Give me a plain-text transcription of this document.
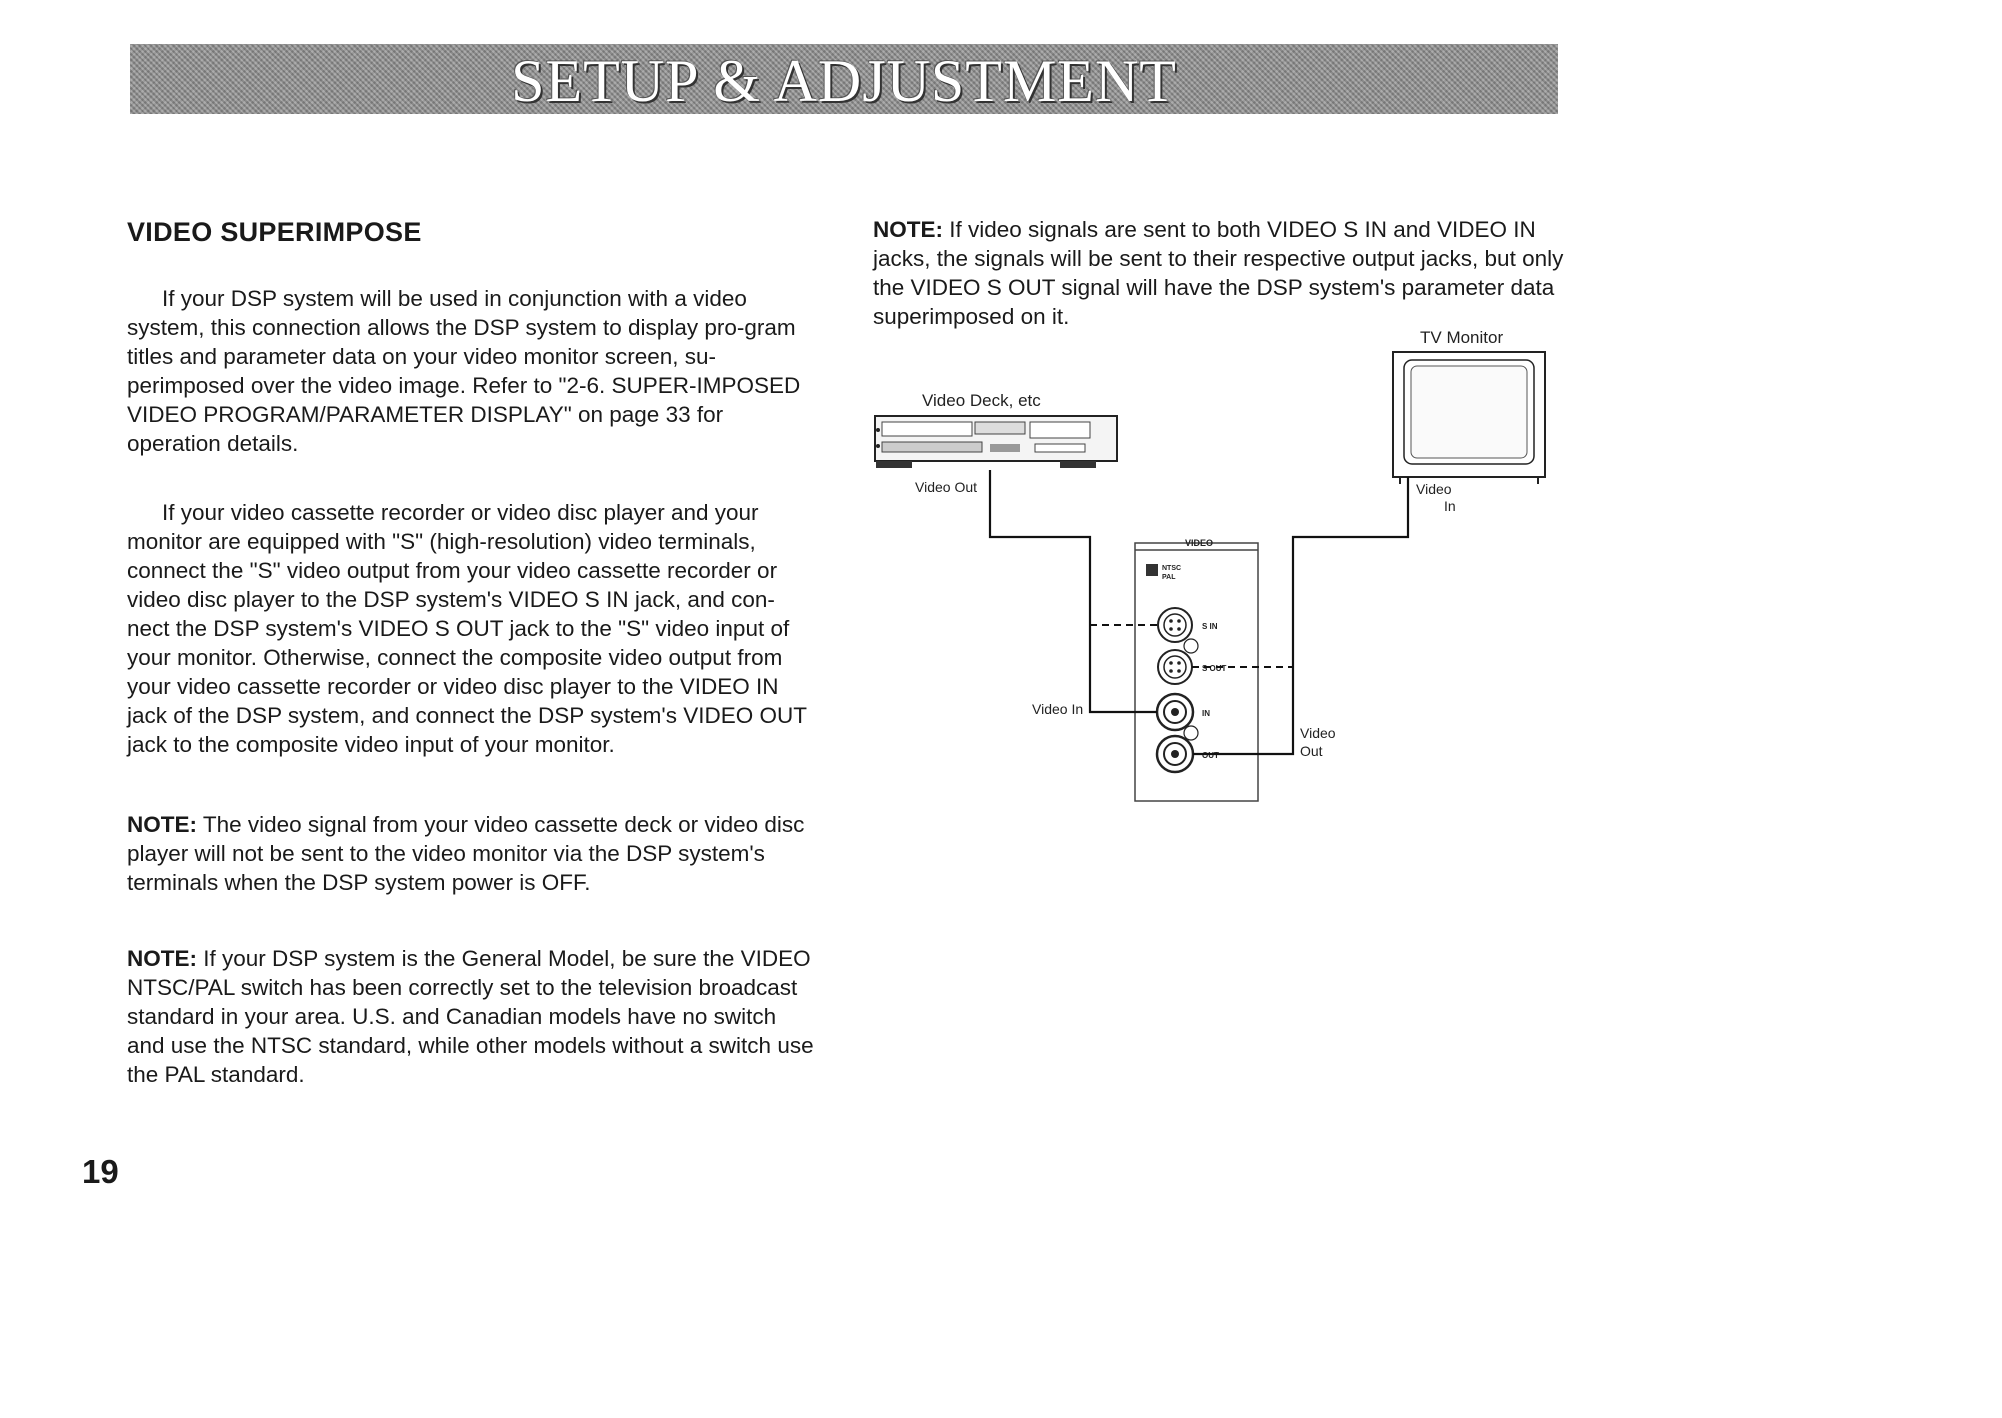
SETUP & ADJUSTMENT
VIDEO SUPERIMPOSE

If your DSP system will be used in conjunction with a video system, this connection allows the DSP system to display pro-gram titles and parameter data on your video monitor screen, su-perimposed over the video image. Refer to "2-6. SUPER-IMPOSED VIDEO PROGRAM/PARAMETER DISPLAY" on page 33 for operation details.

If your video cassette recorder or video disc player and your monitor are equipped with "S" (high-resolution) video terminals, connect the "S" video output from your video cassette recorder or video disc player to the DSP system's VIDEO S IN jack, and con-nect the DSP system's VIDEO S OUT jack to the "S" video input of your monitor. Otherwise, connect the composite video output from your video cassette recorder or video disc player to the VIDEO IN jack of the DSP system, and connect the DSP system's VIDEO OUT jack to the composite video input of your monitor.

NOTE: The video signal from your video cassette deck or video disc player will not be sent to the video monitor via the DSP system's terminals when the DSP system power is OFF.

NOTE: If your DSP system is the General Model, be sure the VIDEO NTSC/PAL switch has been correctly set to the television broadcast standard in your area. U.S. and Canadian models have no switch and use the NTSC standard, while other models without a switch use the PAL standard.

NOTE: If video signals are sent to both VIDEO S IN and VIDEO IN jacks, the signals will be sent to their respective output jacks, but only the VIDEO S OUT signal will have the DSP system's parameter data superimposed on it.

TV Monitor
Video
In
Video Deck, etc
Video Out
VIDEO
NTSC
PAL
S IN
S OUT
IN
OUT
Video In
Video
Out
19
